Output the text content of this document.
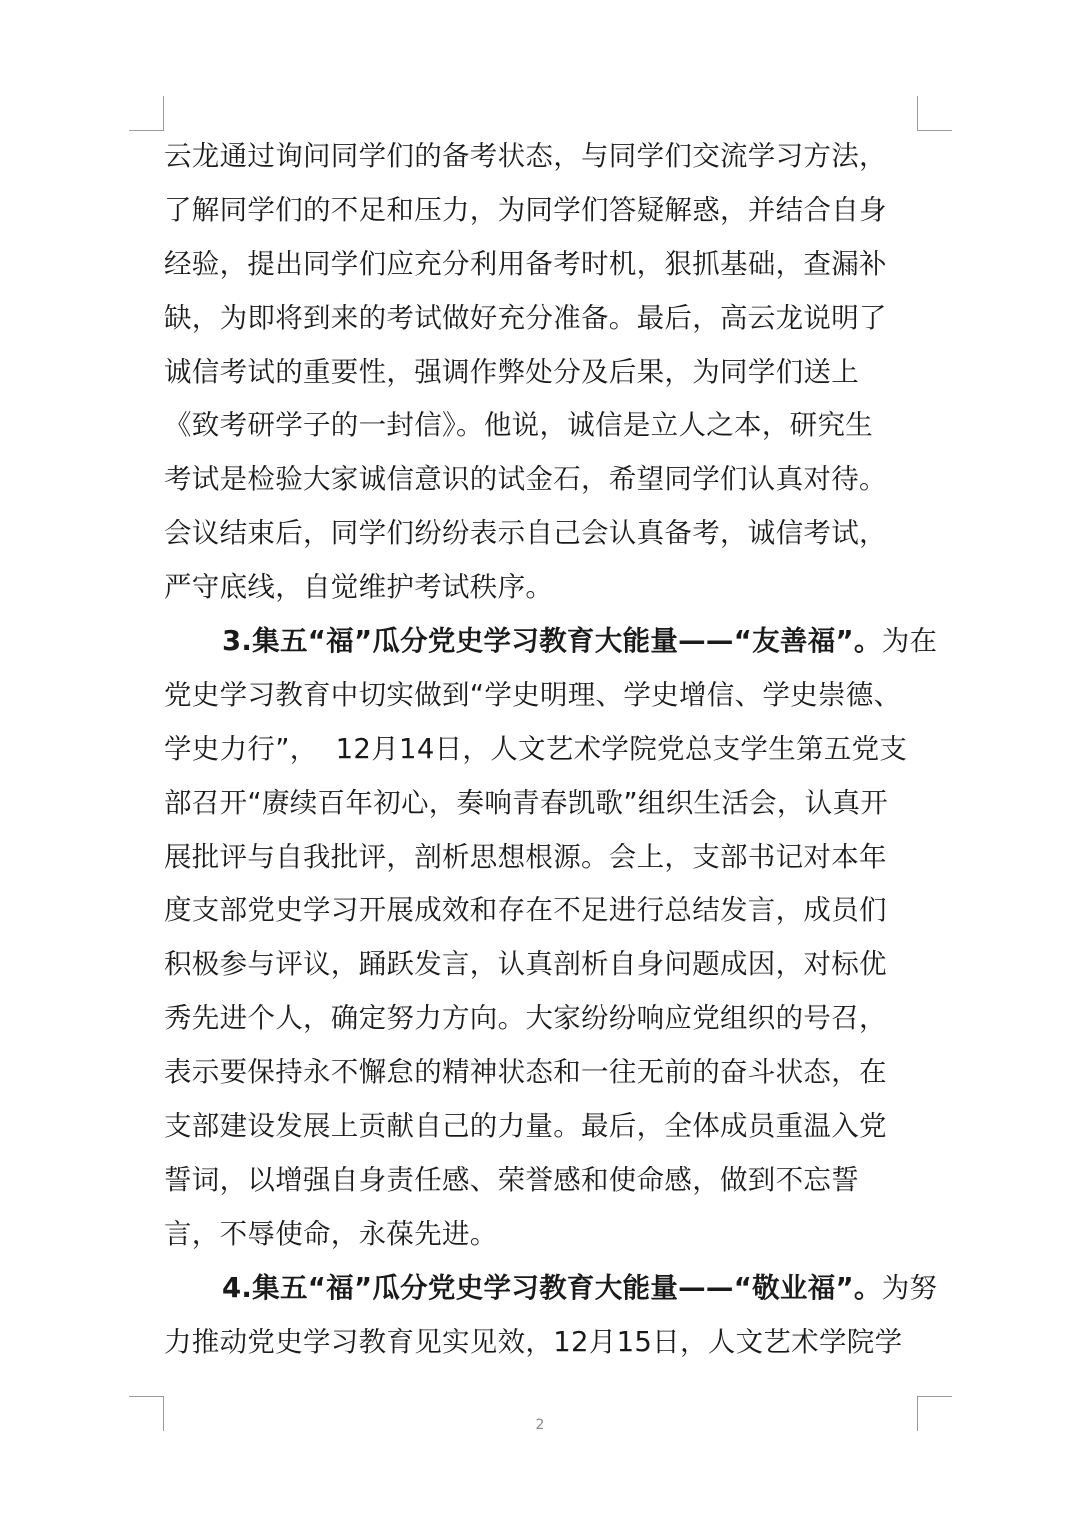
云龙通过询问同学们的备考状态，与同学们交流学习方法，
了解同学们的不足和压力，为同学们答疑解惑，并结合自身
经验，提出同学们应充分利用备考时机，狠抓基础，查漏补
缺，为即将到来的考试做好充分准备。最后，高云龙说明了
诚信考试的重要性，强调作弊处分及后果，为同学们送上
《致考研学子的一封信》。他说，诚信是立人之本，研究生
考试是检验大家诚信意识的试金石，希望同学们认真对待。
会议结束后，同学们纷纷表示自己会认真备考，诚信考试，
严守底线，自觉维护考试秩序。
3.集五“福”瓜分党史学习教育大能量——“友善福”。为在
党史学习教育中切实做到“学史明理、学史增信、学史崇德、
学史力行”，  12月14日，人文艺术学院党总支学生第五党支
部召开“赓续百年初心，奏响青春凯歌”组织生活会，认真开
展批评与自我批评，剖析思想根源。会上，支部书记对本年
度支部党史学习开展成效和存在不足进行总结发言，成员们
积极参与评议，踊跃发言，认真剖析自身问题成因，对标优
秀先进个人，确定努力方向。大家纷纷响应党组织的号召，
表示要保持永不懈怠的精神状态和一往无前的奋斗状态，在
支部建设发展上贡献自己的力量。最后，全体成员重温入党
誓词，以增强自身责任感、荣誉感和使命感，做到不忘誓
言，不辱使命，永葆先进。
4.集五“福”瓜分党史学习教育大能量——“敬业福”。为努
力推动党史学习教育见实见效，12月15日，人文艺术学院学
2
